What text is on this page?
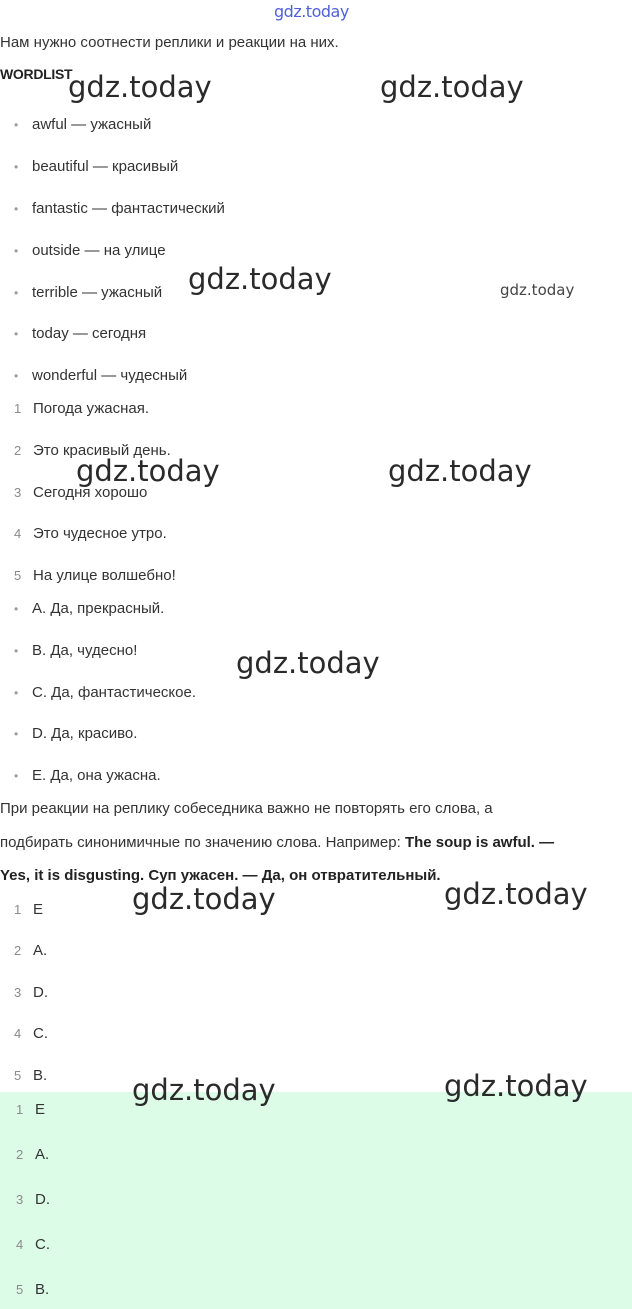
gdz.today
Нам нужно соотнести реплики и реакции на них.
WORDLIST
• awful — ужасный
• beautiful — красивый
• fantastic — фантастический
• outside — на улице
• terrible — ужасный
• today — сегодня
• wonderful — чудесный
1 Погода ужасная.
2 Это красивый день.
3 Сегодня хорошо
4 Это чудесное утро.
5 На улице волшебно!
• A. Да, прекрасный.
• B. Да, чудесно!
• C. Да, фантастическое.
• D. Да, красиво.
• E. Да, она ужасна.
При реакции на реплику собеседника важно не повторять его слова, а
подбирать синонимичные по значению слова. Например: The soup is awful. —
Yes, it is disgusting. Суп ужасен. — Да, он отвратительный.
1 E
2 A.
3 D.
4 C.
5 B.
1 E
2 A.
3 D.
4 C.
5 B.
gdz.today	gdz.today
gdz.today	gdz.today
gdz.today	gdz.today
gdz.today
gdz.today	gdz.today
gdz.today	gdz.today
